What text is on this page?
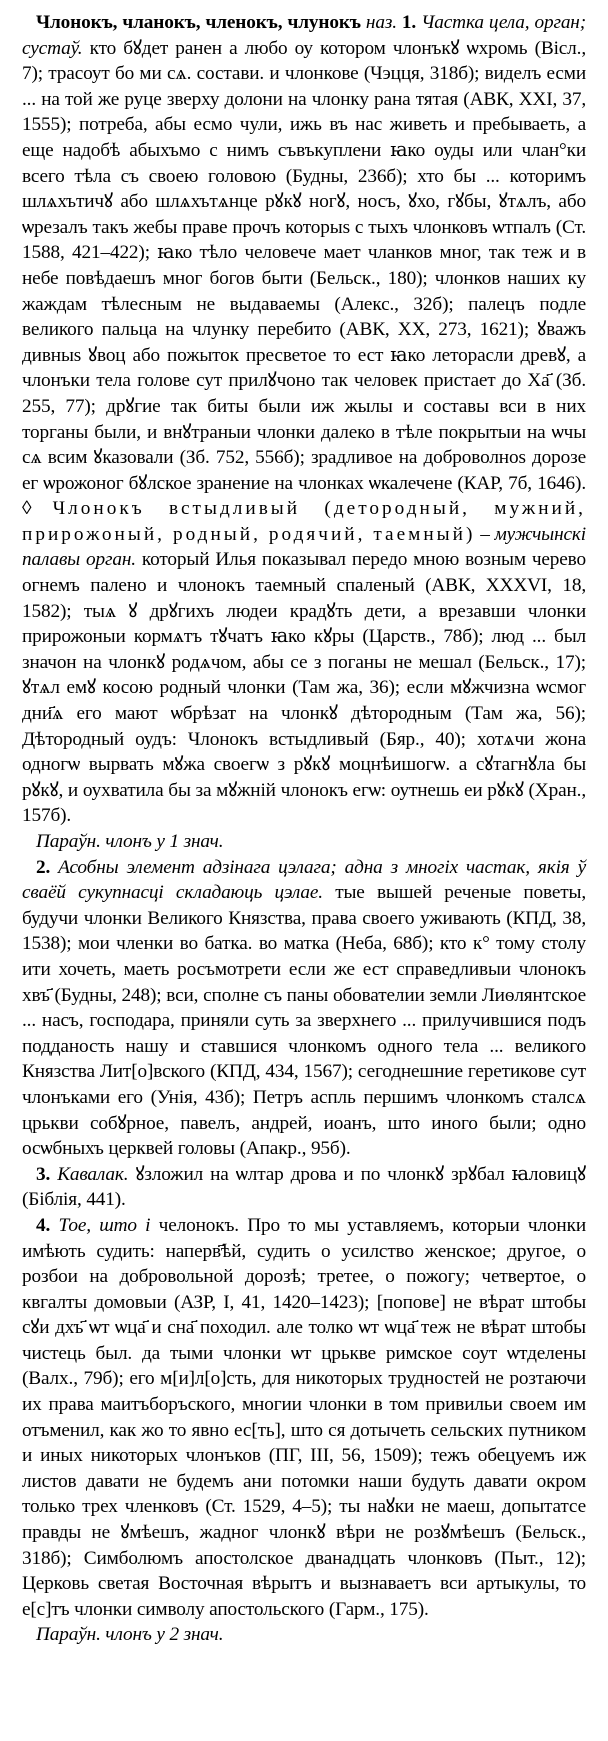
Члонокъ, чланокъ, членокъ, члунокъ наз. 1. Частка цела, орган; сустаў. кто бꙋдет ранен а любо оу котором члонъкꙋ ѡхромь (Вісл., 7); трасоут бо ми сѧ. состави. и члонкове (Чэцця, 318б); виделъ есми ... на той же руце зверху долони на члонку рана тятая (АВК, XXI, 37, 1555); потреба, абы есмо чули, ижь въ нас живеть и пребываеть, а еще надобѣ абыхъмо с нимъ съвъкуплени ꙗко оуды или члан°ки всего тѣла съ своею головою (Будны, 236б); хто бы ... которимъ шлѧхътичꙋ або шлѧхътѧнце рꙋкꙋ ногꙋ, носъ, ꙋхо, гꙋбы, ꙋтѧлъ, або ѡрезалъ такъ жебы праве прочъ которыѕ с тыхъ члонковъ ѡтпалъ (Ст. 1588, 421–422); ꙗко тѣло человече мает чланков мног, так теж и в небе повѣдаешъ мног богов быти (Бельск., 180); члонков наших ку жаждам тѣлесным не выдаваемы (Алекс., 32б); палецъ подле великого пальца на члунку перебито (АВК, XX, 273, 1621); ꙋважъ дивныѕ ꙋвоц або пожыток пресветое то ест ꙗко леторасли древꙋ, а члонъки тела голове сут прилꙋчоно так человек пристает до Ха҃ (Зб. 255, 77); дрꙋгие так биты были иж жылы и составы вси в них торганы были, и внꙋтраныи члонки далеко в тѣле покрытыи на ѡчы сѧ всим ꙋказовали (Зб. 752, 556б); зрадливое на доброволноѕ дорозе ег ѡрожоног бꙋлское зранение на члонках ѡкалечене (КАР, 7б, 1646). ◊ Члонокъ встыдливый (детородный, мужний, прирожоный, родный, родячий, таемный) – мужчынскі палавы орган. который Илья показывал передо мною возным черево огнемъ палено и члонокъ таемный спаленый (АВК, XXXVI, 18, 1582); тыѧ ꙋ дрꙋгихъ людеи крадꙋть дети, а врезавши члонки прирожоныи кормѧтъ тꙋчатъ ꙗко кꙋры (Царств., 78б); люд ... был значон на члонкꙋ родѧчом, абы се з поганы не мешал (Бельск., 17); ꙋтѧл емꙋ косою родный члонки (Там жа, 36); если мꙋжчизна ѡсмог дни҃ѧ его мают ѡбрѣзат на члонкꙋ дѣтородным (Там жа, 56); Дѣтородный оудъ: Члонокъ встыдливый (Бяр., 40); хотѧчи жона одногѡ вырвать мꙋжа своегѡ з рꙋкꙋ моцнѣишогѡ. а сꙋтагнꙋла бы рꙋкꙋ, и оухватила бы за мꙋжній члонокъ егѡ: оутнешь еи рꙋкꙋ (Хран., 157б).

Параўн. члонъ у 1 знач.

2. Асобны элемент адзінага цэлага; адна з многіх частак, якія ў сваёй сукупнасці складаюць цэлае. тые вышей реченые поветы, будучи члонки Великого Князства, права своего уживають (КПД, 38, 1538); мои членки во батка. во матка (Неба, 68б); кто к° тому столу ити хочеть, маеть росъмотрети если же ест справедливыи члонокъ хвъ҃ (Будны, 248); вси, сполне съ паны обователии земли Лиѳлянтское ... насъ, господара, приняли суть за зверхнего ... прилучившися подъ подданость нашу и ставшися члонкомъ одного тела ... великого Князства Лит[о]вского (КПД, 434, 1567); сегоднешние геретикове сут члонъками его (Унія, 43б); Петръ аспль першимъ члонкомъ сталсѧ црькви собꙋрное, павелъ, андрей, иоанъ, што иного были; одно осѡбныхъ церквей головы (Апакр., 95б).

3. Кавалак. ꙋзложил на ѡлтар дрова и по члонкꙋ зрꙋбал ꙗловицꙋ (Біблія, 441).

4. Тое, што і челонокъ. Про то мы уставляемъ, которыи члонки имѣють судить: наперв҃ѣй, судить о усилство женское; другое, о розбои на добровольной дорозѣ; третее, о пожогу; четвертое, о квгалты домовыи (АЗР, I, 41, 1420–1423); [попове] не вѣрат штобы сꙋи дхъ҃ ѡт ѡца҃ и сна҃ походил. але толко ѡт ѡца҃ теж не вѣрат штобы чистець был. да тыми члонки ѡт црькве римское соут ѡтделены (Валх., 79б); его м[и]л[о]сть, для никоторых трудностей не розтаючи их права маитъборъского, многии члонки в том привильи своем им отъменил, как жо то явно ес[ть], што ся дотычеть сельских путником и иных никоторых члонъков (ПГ, III, 56, 1509); тежъ обецуемъ иж листов давати не будемъ ани потомки наши будуть давати окром только трех членковъ (Ст. 1529, 4–5); ты нaꙋки не маеш, допытатсе правды не ꙋмѣешъ, жадног члонкꙋ вѣри не розꙋмѣешъ (Бельск., 318б); Симболюмъ апостолское дванадцать члонковъ (Пыт., 12); Церковь светая Восточная вѣрытъ и вызнаваетъ вси артыкулы, то е[с]тъ члонки символу апостольского (Гарм., 175).

Параўн. члонъ у 2 знач.
